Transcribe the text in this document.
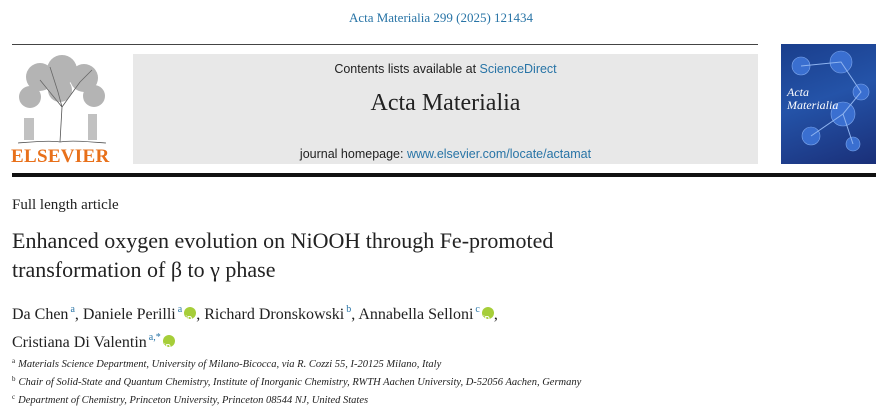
Acta Materialia 299 (2025) 121434
ELSEVIER
Contents lists available at ScienceDirect
Acta Materialia
journal homepage: www.elsevier.com/locate/actamat
Acta
Materialia
Full length article
Enhanced oxygen evolution on NiOOH through Fe-promoted
transformation of β to γ phase
Da Chen $^a$, Daniele Perilli $^a$ iD , Richard Dronskowski $^b$, Annabella Selloni $^c$ iD ,
Cristiana Di Valentin $^{a,*}$iD
$^a$ Materials Science Department, University of Milano-Bicocca, via R. Cozzi 55, I-20125 Milano, Italy
$^b$ Chair of Solid-State and Quantum Chemistry, Institute of Inorganic Chemistry, RWTH Aachen University, D-52056 Aachen, Germany
$^c$ Department of Chemistry, Princeton University, Princeton 08544 NJ, United States
